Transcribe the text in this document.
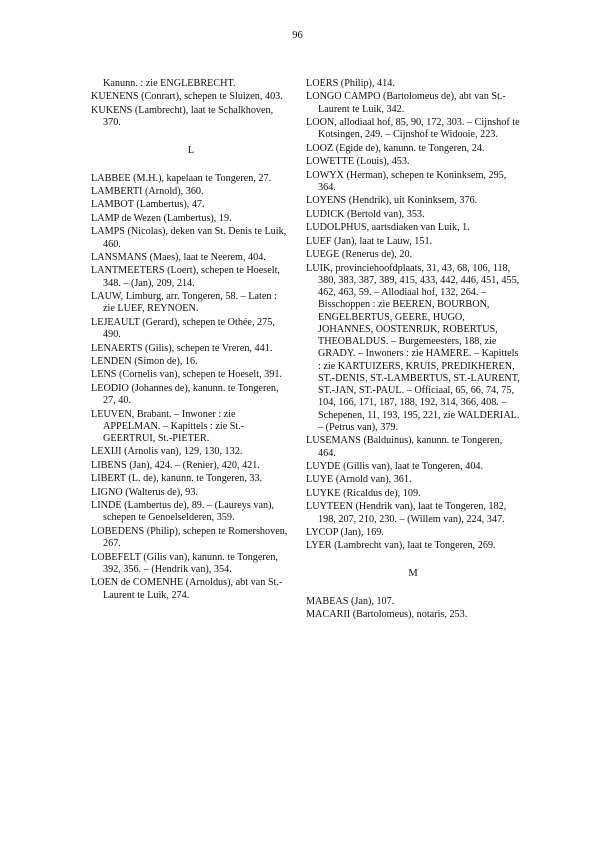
96
Kanunn. : zie ENGLEBRECHT.
KUENENS (Conrart), schepen te Sluizen, 403.
KUKENS (Lambrecht), laat te Schalkhoven, 370.
L
LABBEE (M.H.), kapelaan te Tongeren, 27.
LAMBERTI (Arnold), 360.
LAMBOT (Lambertus), 47.
LAMP de Wezen (Lambertus), 19.
LAMPS (Nicolas), deken van St. Denis te Luik, 460.
LANSMANS (Maes), laat te Neerem, 404.
LANTMEETERS (Loert), schepen te Hoeselt, 348. – (Jan), 209, 214.
LAUW, Limburg, arr. Tongeren, 58. – Laten : zie LUEF, REYNOEN.
LEJEAULT (Gerard), schepen te Othée, 275, 490.
LENAERTS (Gilis), schepen te Vreren, 441.
LENDEN (Simon de), 16.
LENS (Cornelis van), schepen te Hoeselt, 391.
LEODIO (Johannes de), kanunn. te Tongeren, 27, 40.
LEUVEN, Brabant. – Inwoner : zie APPELMAN. – Kapittels : zie St.-GEERTRUI, St.-PIETER.
LEXIJI (Arnolis van), 129, 130, 132.
LIBENS (Jan), 424. – (Renier), 420, 421.
LIBERT (L. de), kanunn. te Tongeren, 33.
LIGNO (Walterus de), 93.
LINDE (Lambertus de), 89. – (Laureys van), schepen te Genoelselderen, 359.
LOBEDENS (Philip), schepen te Romershoven, 267.
LOBEFELT (Gilis van), kanunn. te Tongeren, 392, 356. – (Hendrik van), 354.
LOEN de COMENHE (Arnoldus), abt van St.-Laurent te Luik, 274.
LOERS (Philip), 414.
LONGO CAMPO (Bartolomeus de), abt van St.-Laurent te Luik, 342.
LOON, allodiaal hof, 85, 90, 172, 303. – Cijnshof te Kotsingen, 249. – Cijnshof te Widooie, 223.
LOOZ (Egide de), kanunn. te Tongeren, 24.
LOWETTE (Louis), 453.
LOWYX (Herman), schepen te Koninksem, 295, 364.
LOYENS (Hendrik), uit Koninksem, 376.
LUDICK (Bertold van), 353.
LUDOLPHUS, aartsdiaken van Luik, 1.
LUEF (Jan), laat te Lauw, 151.
LUEGE (Renerus de), 20.
LUIK, provinciehoofdplaats, 31, 43, 68, 106, 118, 380, 383, 387, 389, 415, 433, 442, 446, 451, 455, 462, 463, 59. – Allodiaal hof, 132, 264. – Bisschoppen : zie BEEREN, BOURBON, ENGELBERTUS, GEERE, HUGO, JOHANNES, OOSTENRIJK, ROBERTUS, THEOBALDUS. – Burgemeesters, 188, zie GRADY. – Inwoners : zie HAMERE. – Kapittels : zie KARTUIZERS, KRUIS, PREDIKHEREN, ST.-DENIS, ST.-LAMBERTUS, ST.-LAURENT, ST.-JAN, ST.-PAUL. – Officiaal, 65, 66, 74, 75, 104, 166, 171, 187, 188, 192, 314, 366, 408. – Schepenen, 11, 193, 195, 221, zie WALDERIAL. – (Petrus van), 379.
LUSEMANS (Balduinus), kanunn. te Tongeren, 464.
LUYDE (Gillis van), laat te Tongeren, 404.
LUYE (Arnold van), 361.
LUYKE (Ricaldus de), 109.
LUYTEEN (Hendrik van), laat te Tongeren, 182, 198, 207, 210, 230. – (Willem van), 224, 347.
LYCOP (Jan), 169.
LYER (Lambrecht van), laat te Tongeren, 269.
M
MABEAS (Jan), 107.
MACARII (Bartolomeus), notaris, 253.
